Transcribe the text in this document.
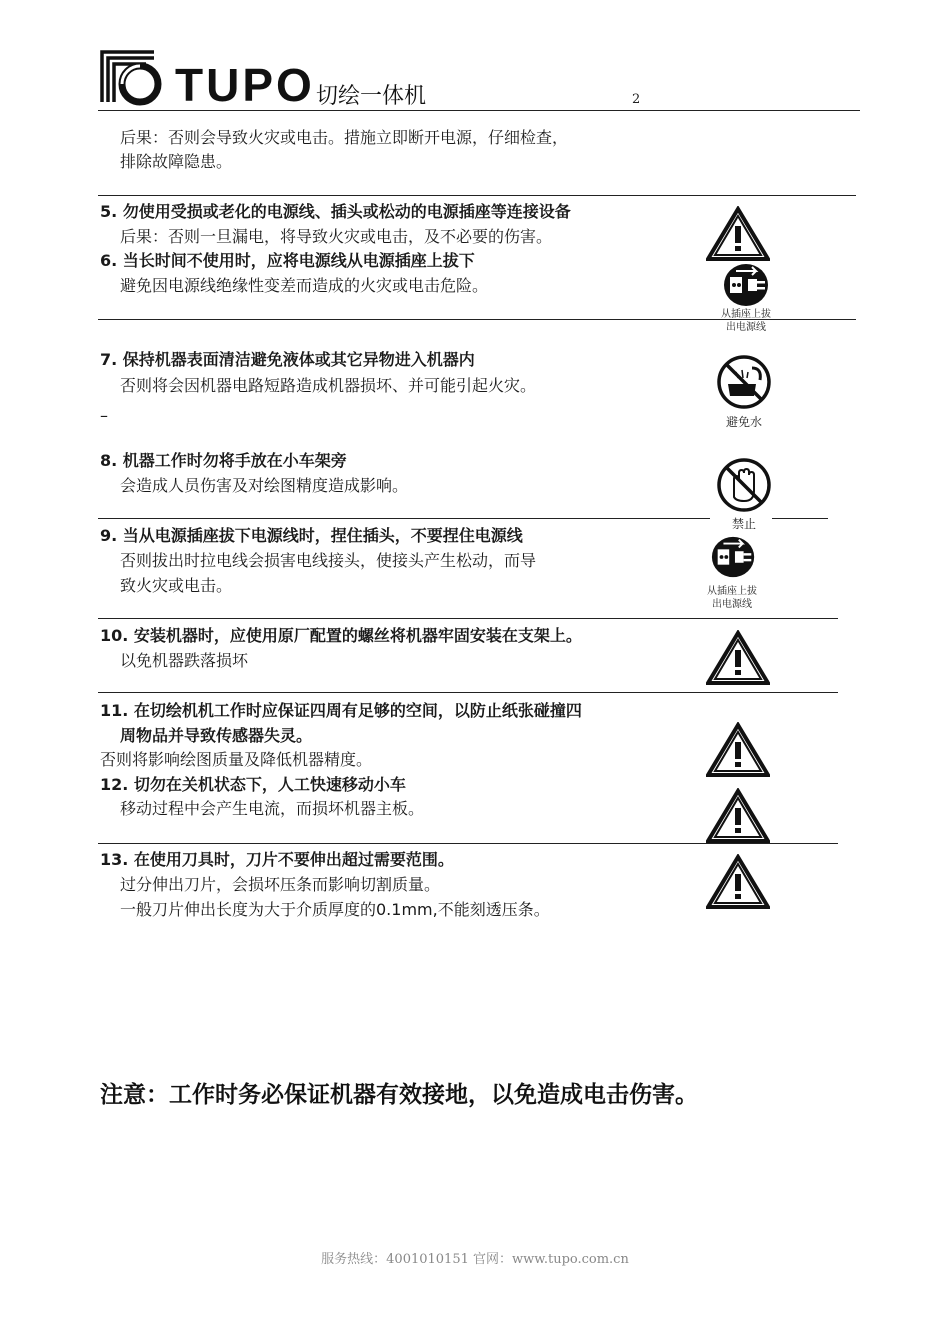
TUPO 切绘一体机	2
后果：否则会导致火灾或电击。措施立即断开电源，仔细检查，
排除故障隐患。
5. 勿使用受损或老化的电源线、插头或松动的电源插座等连接设备
后果：否则一旦漏电，将导致火灾或电击，及不必要的伤害。
6. 当长时间不使用时，应将电源线从电源插座上拔下
避免因电源线绝缘性变差而造成的火灾或电击危险。
7. 保持机器表面清洁避免液体或其它异物进入机器内
否则将会因机器电路短路造成机器损坏、并可能引起火灾。
–
8. 机器工作时勿将手放在小车架旁
会造成人员伤害及对绘图精度造成影响。
9. 当从电源插座拔下电源线时，捏住插头，不要捏住电源线
否则拔出时拉电线会损害电线接头，使接头产生松动，而导
致火灾或电击。
10. 安装机器时，应使用原厂配置的螺丝将机器牢固安装在支架上。
以免机器跌落损坏
11. 在切绘机机工作时应保证四周有足够的空间，以防止纸张碰撞四
周物品并导致传感器失灵。
否则将影响绘图质量及降低机器精度。
12. 切勿在关机状态下，人工快速移动小车
移动过程中会产生电流，而损坏机器主板。
13. 在使用刀具时，刀片不要伸出超过需要范围。
过分伸出刀片，会损坏压条而影响切割质量。
一般刀片伸出长度为大于介质厚度的0.1mm,不能刻透压条。
从插座上拔
出电源线
避免水
禁止
从插座上拔
出电源线
注意：工作时务必保证机器有效接地，以免造成电击伤害。
服务热线：4001010151 官网：www.tupo.com.cn
